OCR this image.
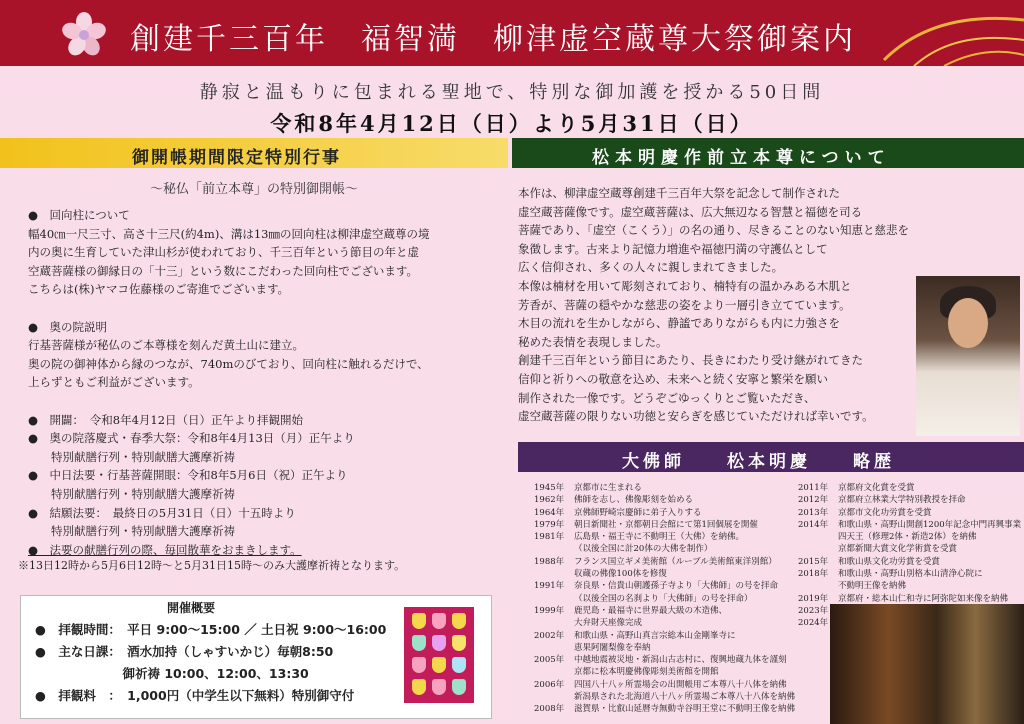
創建千三百年　福智満　柳津虚空蔵尊大祭御案内
静寂と温もりに包まれる聖地で、特別な御加護を授かる50日間
令和8年4月12日（日）より5月31日（日）
御開帳期間限定特別行事	松本明慶作前立本尊について
～秘仏「前立本尊」の特別御開帳～
●　回向柱について
幅40㎝一尺三寸、高さ十三尺(約4m)、溝は13㎜の回向柱は柳津虚空蔵尊の境
内の奥に生育していた津山杉が使われており、千三百年という節目の年と虚
空蔵菩薩様の御縁日の「十三」という数にこだわった回向柱でございます。
こちらは(株)ヤマコ佐藤様のご寄進でございます。
●　奥の院説明
行基菩薩様が秘仏のご本尊様を刻んだ黄土山に建立。
奥の院の御神体から縁のつなが、740mのびており、回向柱に触れるだけで、
上らずともご利益がございます。
●　開闢：　令和8年4月12日（日）正午より拝観開始
●　奥の院落慶式・春季大祭：令和8年4月13日（月）正午より
　　特別献膳行列・特別献膳大護摩祈祷
●　中日法要・行基菩薩開眼：令和8年5月6日（祝）正午より
　　特別献膳行列・特別献膳大護摩祈祷
●　結願法要：　最終日の5月31日（日）十五時より
　　特別献膳行列・特別献膳大護摩祈祷
●　法要の献膳行列の際、毎回散華をおまきします。
※13日12時から5月6日12時～と5月31日15時～のみ大護摩祈祷となります。
開催概要
●　拝観時間：　平日 9:00～15:00 ／ 土日祝 9:00～16:00
●　主な日課：　酒水加持（しゃすいかじ）毎朝8:50
　　　　　　　御祈祷 10:00、12:00、13:30
●　拝観料　：　1,000円（中学生以下無料）特別御守付
本作は、柳津虚空蔵尊創建千三百年大祭を記念して制作された
虚空蔵菩薩像です。虚空蔵菩薩は、広大無辺なる智慧と福徳を司る
菩薩であり、「虚空（こくう）」の名の通り、尽きることのない知恵と慈悲を
象徴します。古来より記憶力増進や福徳円満の守護仏として
広く信仰され、多くの人々に親しまれてきました。
本像は楠材を用いて彫刻されており、楠特有の温かみある木肌と
芳香が、菩薩の穏やかな慈悲の姿をより一層引き立てています。
木目の流れを生かしながら、静謐でありながらも内に力強さを
秘めた表情を表現しました。
創建千三百年という節目にあたり、長きにわたり受け継がれてきた
信仰と祈りへの敬意を込め、未来へと続く安寧と繁栄を願い
制作された一像です。どうぞごゆっくりとご覧いただき、
虚空蔵菩薩の限りない功徳と安らぎを感じていただければ幸いです。
大佛師　　松本明慶　　略歴
1945年 京都市に生まれる
1962年 佛師を志し、佛像彫刻を始める
1964年 京佛師野崎宗慶師に弟子入りする
1979年 朝日新聞社・京都朝日会館にて第1回個展を開催
1981年 広島県・福王寺に不動明王（大佛）を納佛。
（以後全国に計20体の大佛を制作）
1988年 フランス国立ギメ美術館（ルーブル美術館東洋別館）
収蔵の佛像100体を修復
1991年 奈良県・信貴山朝護孫子寺より「大佛師」の号を拝命
（以後全国の名刹より「大佛師」の号を拝命）
1999年 鹿児島・最福寺に世界最大級の木造佛、
大弁財天座像完成
2002年 和歌山県・高野山真言宗総本山金剛峯寺に
恵果阿闍梨像を奉納
2005年 中越地震被災地・新潟山古志村に、復興地蔵九体を謹刻
京都に松本明慶佛像彫刻美術館を開館
2006年 四国八十八ヶ所霊場会の出開帳用ご本尊八十八体を納佛
新潟県された北海道八十八ヶ所霊場ご本尊八十八体を納佛
2008年 滋賀県・比叡山延暦寺無動寺谷明王堂に不動明王像を納佛
2011年 京都府文化賞を受賞
2012年 京都府立林業大学特別教授を拝命
2013年 京都市文化功労賞を受賞
2014年 和歌山県・高野山開創1200年記念中門再興事業
四天王（修理2体・新造2体）を納佛
京都新聞大賞文化学術賞を受賞
2015年 和歌山県文化功労賞を受賞
2018年 和歌山県・高野山別格本山清浄心院に
不動明王像を納佛
2019年 京都府・総本山仁和寺に阿弥陀如来像を納佛
2023年
2024年
